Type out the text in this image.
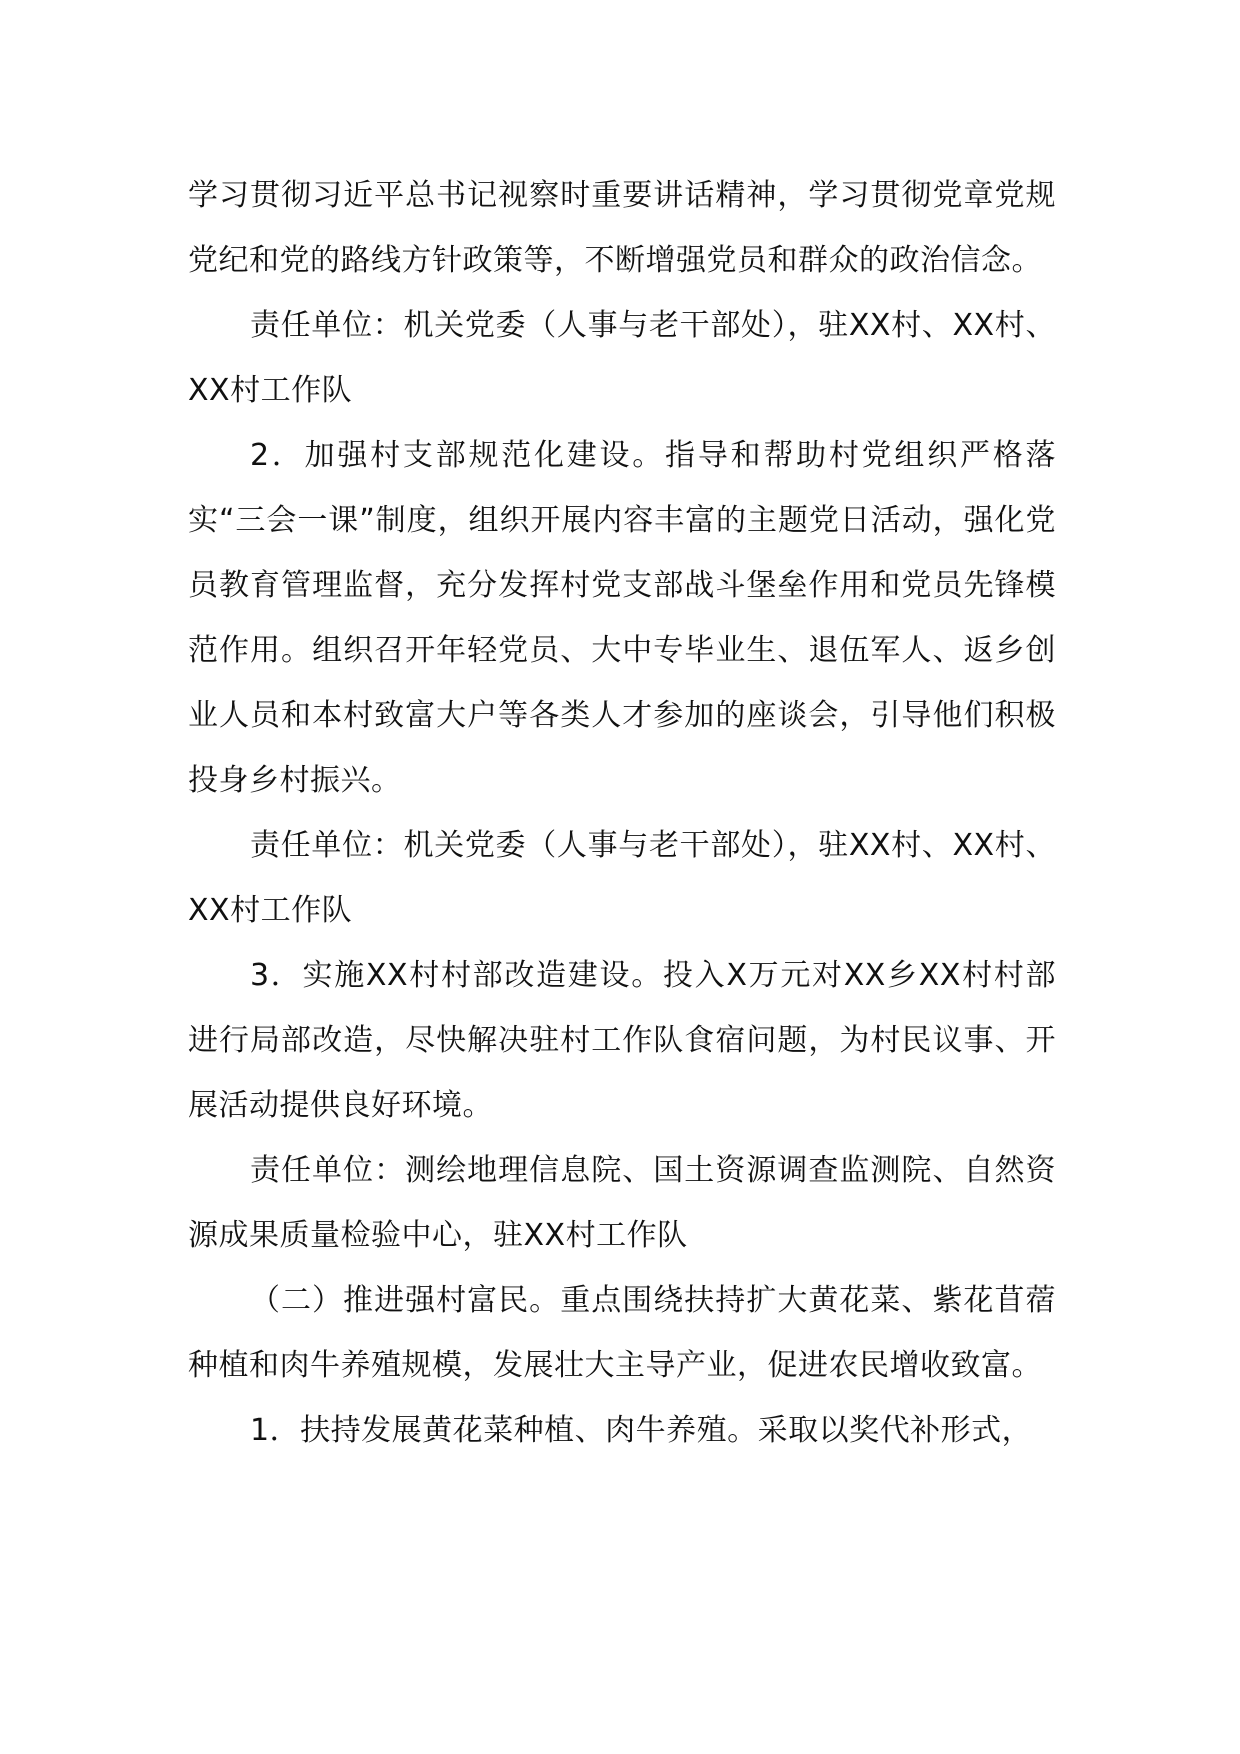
学习贯彻习近平总书记视察时重要讲话精神，学习贯彻党章党规党纪和党的路线方针政策等，不断增强党员和群众的政治信念。

责任单位：机关党委（人事与老干部处），驻XX村、XX村、XX村工作队

2．加强村支部规范化建设。指导和帮助村党组织严格落实“三会一课”制度，组织开展内容丰富的主题党日活动，强化党员教育管理监督，充分发挥村党支部战斗堡垒作用和党员先锋模范作用。组织召开年轻党员、大中专毕业生、退伍军人、返乡创业人员和本村致富大户等各类人才参加的座谈会，引导他们积极投身乡村振兴。

责任单位：机关党委（人事与老干部处），驻XX村、XX村、XX村工作队

3．实施XX村村部改造建设。投入X万元对XX乡XX村村部进行局部改造，尽快解决驻村工作队食宿问题，为村民议事、开展活动提供良好环境。

责任单位：测绘地理信息院、国土资源调查监测院、自然资源成果质量检验中心，驻XX村工作队

（二）推进强村富民。重点围绕扶持扩大黄花菜、紫花苜蓿种植和肉牛养殖规模，发展壮大主导产业，促进农民增收致富。

1．扶持发展黄花菜种植、肉牛养殖。采取以奖代补形式，
